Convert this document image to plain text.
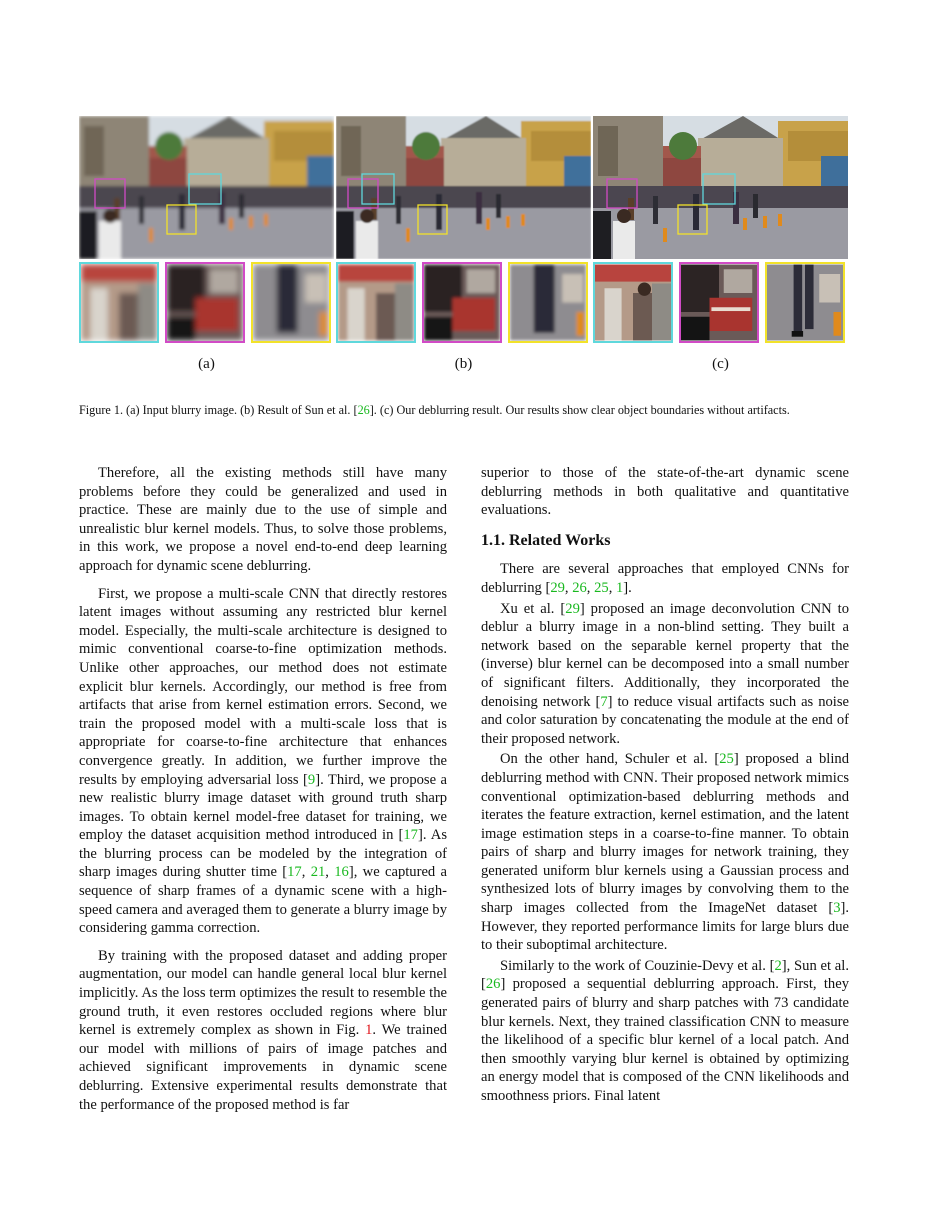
(a)	(b)	(c)
Figure 1. (a) Input blurry image. (b) Result of Sun et al. [26]. (c) Our deblurring result. Our results show clear object boundaries without artifacts.

Therefore, all the existing methods still have many problems before they could be generalized and used in practice. These are mainly due to the use of simple and unrealistic blur kernel models. Thus, to solve those problems, in this work, we propose a novel end-to-end deep learning approach for dynamic scene deblurring.

First, we propose a multi-scale CNN that directly restores latent images without assuming any restricted blur kernel model. Especially, the multi-scale architecture is designed to mimic conventional coarse-to-fine optimization methods. Unlike other approaches, our method does not estimate explicit blur kernels. Accordingly, our method is free from artifacts that arise from kernel estimation errors. Second, we train the proposed model with a multi-scale loss that is appropriate for coarse-to-fine architecture that enhances convergence greatly. In addition, we further improve the results by employing adversarial loss [9]. Third, we propose a new realistic blurry image dataset with ground truth sharp images. To obtain kernel model-free dataset for training, we employ the dataset acquisition method introduced in [17]. As the blurring process can be modeled by the integration of sharp images during shutter time [17, 21, 16], we captured a sequence of sharp frames of a dynamic scene with a high-speed camera and averaged them to generate a blurry image by considering gamma correction.

By training with the proposed dataset and adding proper augmentation, our model can handle general local blur kernel implicitly. As the loss term optimizes the result to resemble the ground truth, it even restores occluded regions where blur kernel is extremely complex as shown in Fig. 1. We trained our model with millions of pairs of image patches and achieved significant improvements in dynamic scene deblurring. Extensive experimental results demonstrate that the performance of the proposed method is far

superior to those of the state-of-the-art dynamic scene deblurring methods in both qualitative and quantitative evaluations.

1.1. Related Works

There are several approaches that employed CNNs for deblurring [29, 26, 25, 1].

Xu et al. [29] proposed an image deconvolution CNN to deblur a blurry image in a non-blind setting. They built a network based on the separable kernel property that the (inverse) blur kernel can be decomposed into a small number of significant filters. Additionally, they incorporated the denoising network [7] to reduce visual artifacts such as noise and color saturation by concatenating the module at the end of their proposed network.

On the other hand, Schuler et al. [25] proposed a blind deblurring method with CNN. Their proposed network mimics conventional optimization-based deblurring methods and iterates the feature extraction, kernel estimation, and the latent image estimation steps in a coarse-to-fine manner. To obtain pairs of sharp and blurry images for network training, they generated uniform blur kernels using a Gaussian process and synthesized lots of blurry images by convolving them to the sharp images collected from the ImageNet dataset [3]. However, they reported performance limits for large blurs due to their suboptimal architecture.

Similarly to the work of Couzinie-Devy et al. [2], Sun et al. [26] proposed a sequential deblurring approach. First, they generated pairs of blurry and sharp patches with 73 candidate blur kernels. Next, they trained classification CNN to measure the likelihood of a specific blur kernel of a local patch. And then smoothly varying blur kernel is obtained by optimizing an energy model that is composed of the CNN likelihoods and smoothness priors. Final latent
